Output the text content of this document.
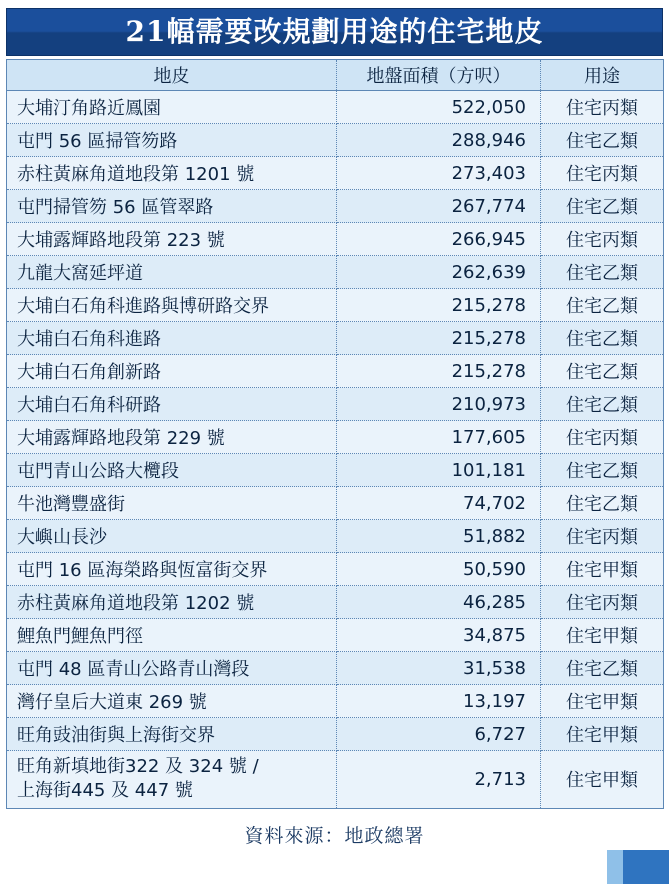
21幅需要改規劃用途的住宅地皮
地皮	地盤面積（方呎）	用途
大埔汀角路近鳳園	522,050	住宅丙類
屯門 56 區掃管笏路	288,946	住宅乙類
赤柱黃麻角道地段第 1201 號	273,403	住宅丙類
屯門掃管笏 56 區管翠路	267,774	住宅乙類
大埔露輝路地段第 223 號	266,945	住宅丙類
九龍大窩延坪道	262,639	住宅乙類
大埔白石角科進路與博研路交界	215,278	住宅乙類
大埔白石角科進路	215,278	住宅乙類
大埔白石角創新路	215,278	住宅乙類
大埔白石角科研路	210,973	住宅乙類
大埔露輝路地段第 229 號	177,605	住宅丙類
屯門青山公路大欖段	101,181	住宅乙類
牛池灣豐盛街	74,702	住宅乙類
大嶼山長沙	51,882	住宅丙類
屯門 16 區海榮路與恆富街交界	50,590	住宅甲類
赤柱黃麻角道地段第 1202 號	46,285	住宅丙類
鯉魚門鯉魚門徑	34,875	住宅甲類
屯門 48 區青山公路青山灣段	31,538	住宅乙類
灣仔皇后大道東 269 號	13,197	住宅甲類
旺角豉油街與上海街交界	6,727	住宅甲類
旺角新填地街322 及 324 號 /
上海街445 及 447 號	2,713	住宅甲類
資料來源：地政總署
